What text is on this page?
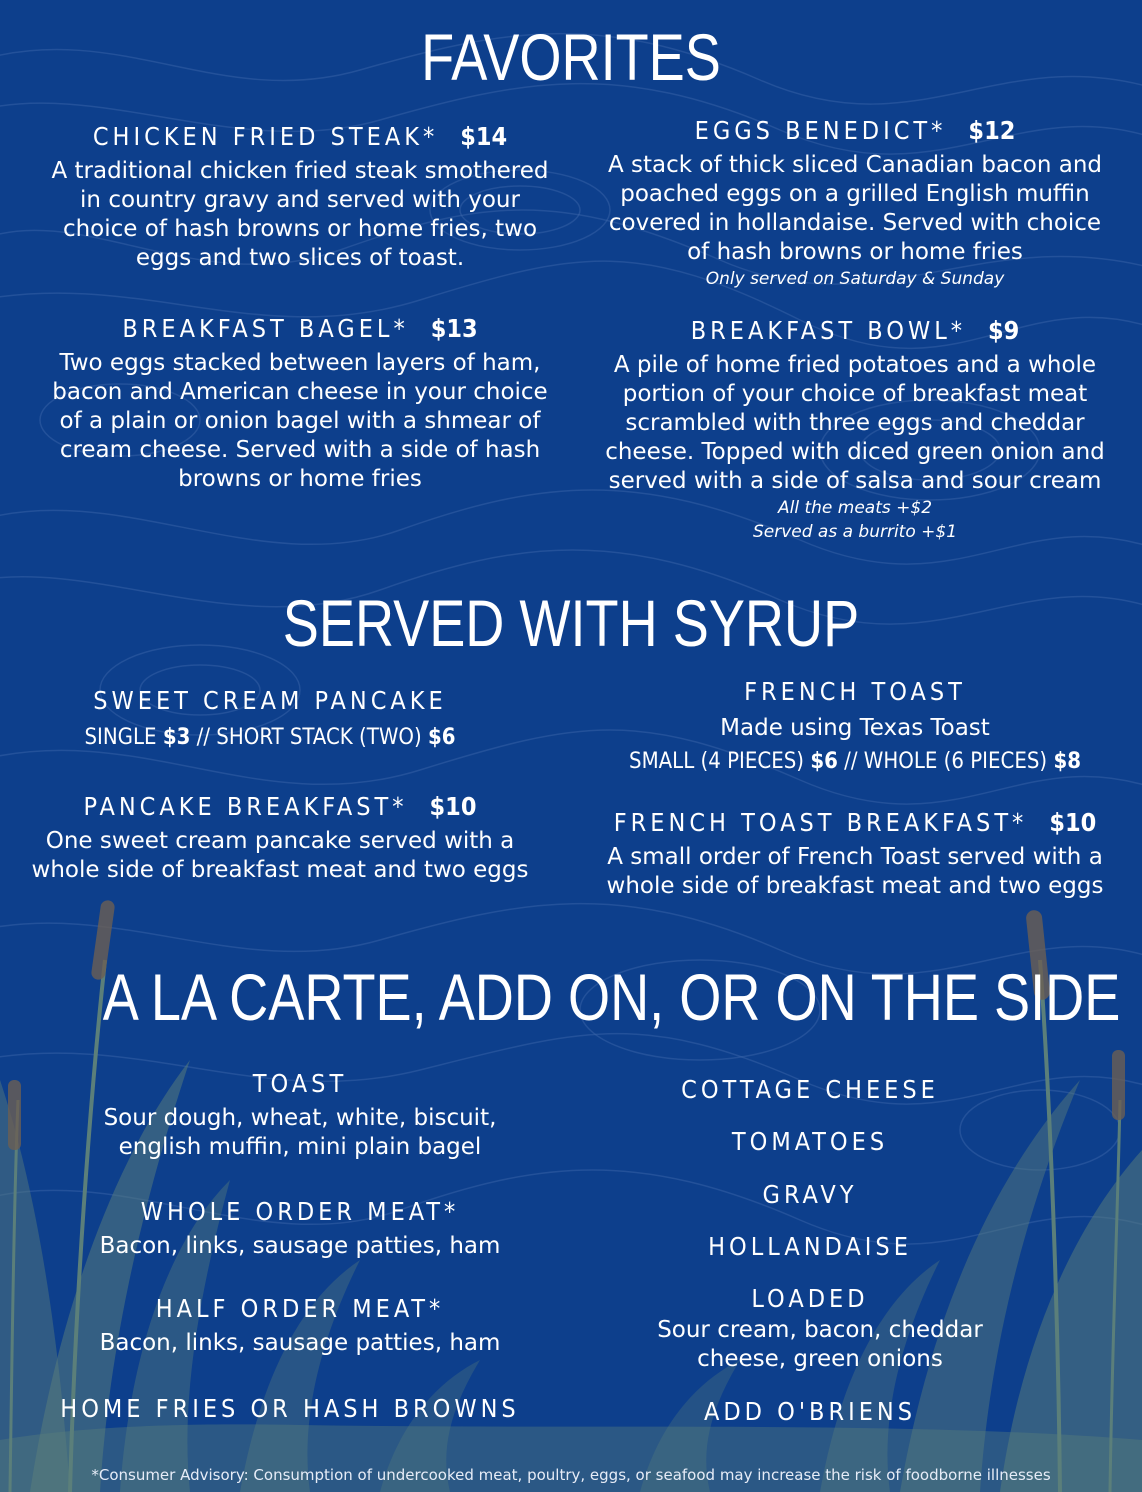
FAVORITES
SERVED WITH SYRUP
A LA CARTE, ADD ON, OR ON THE SIDE
CHICKEN FRIED STEAK* $14
A traditional chicken fried steak smothered
in country gravy and served with your
choice of hash browns or home fries, two
eggs and two slices of toast.
BREAKFAST BAGEL* $13
Two eggs stacked between layers of ham,
bacon and American cheese in your choice
of a plain or onion bagel with a shmear of
cream cheese. Served with a side of hash
browns or home fries
EGGS BENEDICT* $12
A stack of thick sliced Canadian bacon and
poached eggs on a grilled English muffin
covered in hollandaise. Served with choice
of hash browns or home fries
Only served on Saturday & Sunday
BREAKFAST BOWL* $9
A pile of home fried potatoes and a whole
portion of your choice of breakfast meat
scrambled with three eggs and cheddar
cheese. Topped with diced green onion and
served with a side of salsa and sour cream
All the meats +$2
Served as a burrito +$1
SWEET CREAM PANCAKE
SINGLE $3 // SHORT STACK (TWO) $6
PANCAKE BREAKFAST* $10
One sweet cream pancake served with a
whole side of breakfast meat and two eggs
FRENCH TOAST
Made using Texas Toast
SMALL (4 PIECES) $6 // WHOLE (6 PIECES) $8
FRENCH TOAST BREAKFAST* $10
A small order of French Toast served with a
whole side of breakfast meat and two eggs
TOAST
Sour dough, wheat, white, biscuit,
english muffin, mini plain bagel
WHOLE ORDER MEAT*
Bacon, links, sausage patties, ham
HALF ORDER MEAT*
Bacon, links, sausage patties, ham
HOME FRIES OR HASH BROWNS
COTTAGE CHEESE
TOMATOES
GRAVY
HOLLANDAISE
LOADED
Sour cream, bacon, cheddar
cheese, green onions
ADD O'BRIENS
*Consumer Advisory: Consumption of undercooked meat, poultry, eggs, or seafood may increase the risk of foodborne illnesses
